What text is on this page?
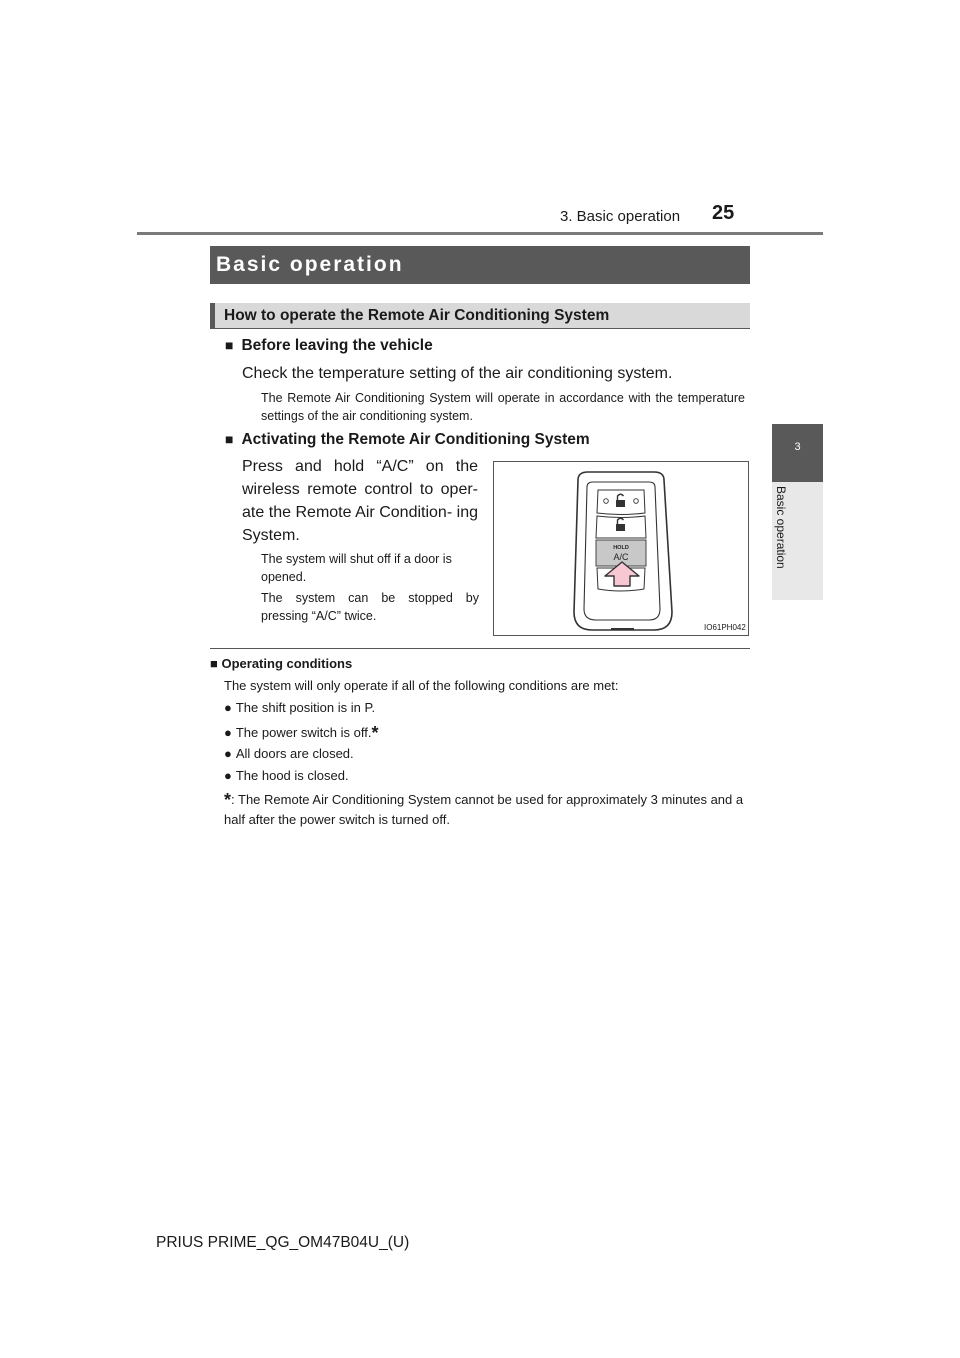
3. Basic operation 25
3
Basic operation
Basic operation
How to operate the Remote Air Conditioning System
■ Before leaving the vehicle
Check the temperature setting of the air conditioning system.
The Remote Air Conditioning System will operate in accordance with the temperature settings of the air conditioning system.
■ Activating the Remote Air Conditioning System
Press and hold “A/C” on the wireless remote control to oper- ate the Remote Air Condition- ing System.
The system will shut off if a door is opened.
The system can be stopped by pressing “A/C” twice.
HOLD
A/C
IO61PH042
■ Operating conditions
The system will only operate if all of the following conditions are met:
● The shift position is in P.
● The power switch is off.*
● All doors are closed.
● The hood is closed.
*: The Remote Air Conditioning System cannot be used for approximately 3 minutes and a half after the power switch is turned off.
PRIUS PRIME_QG_OM47B04U_(U)
